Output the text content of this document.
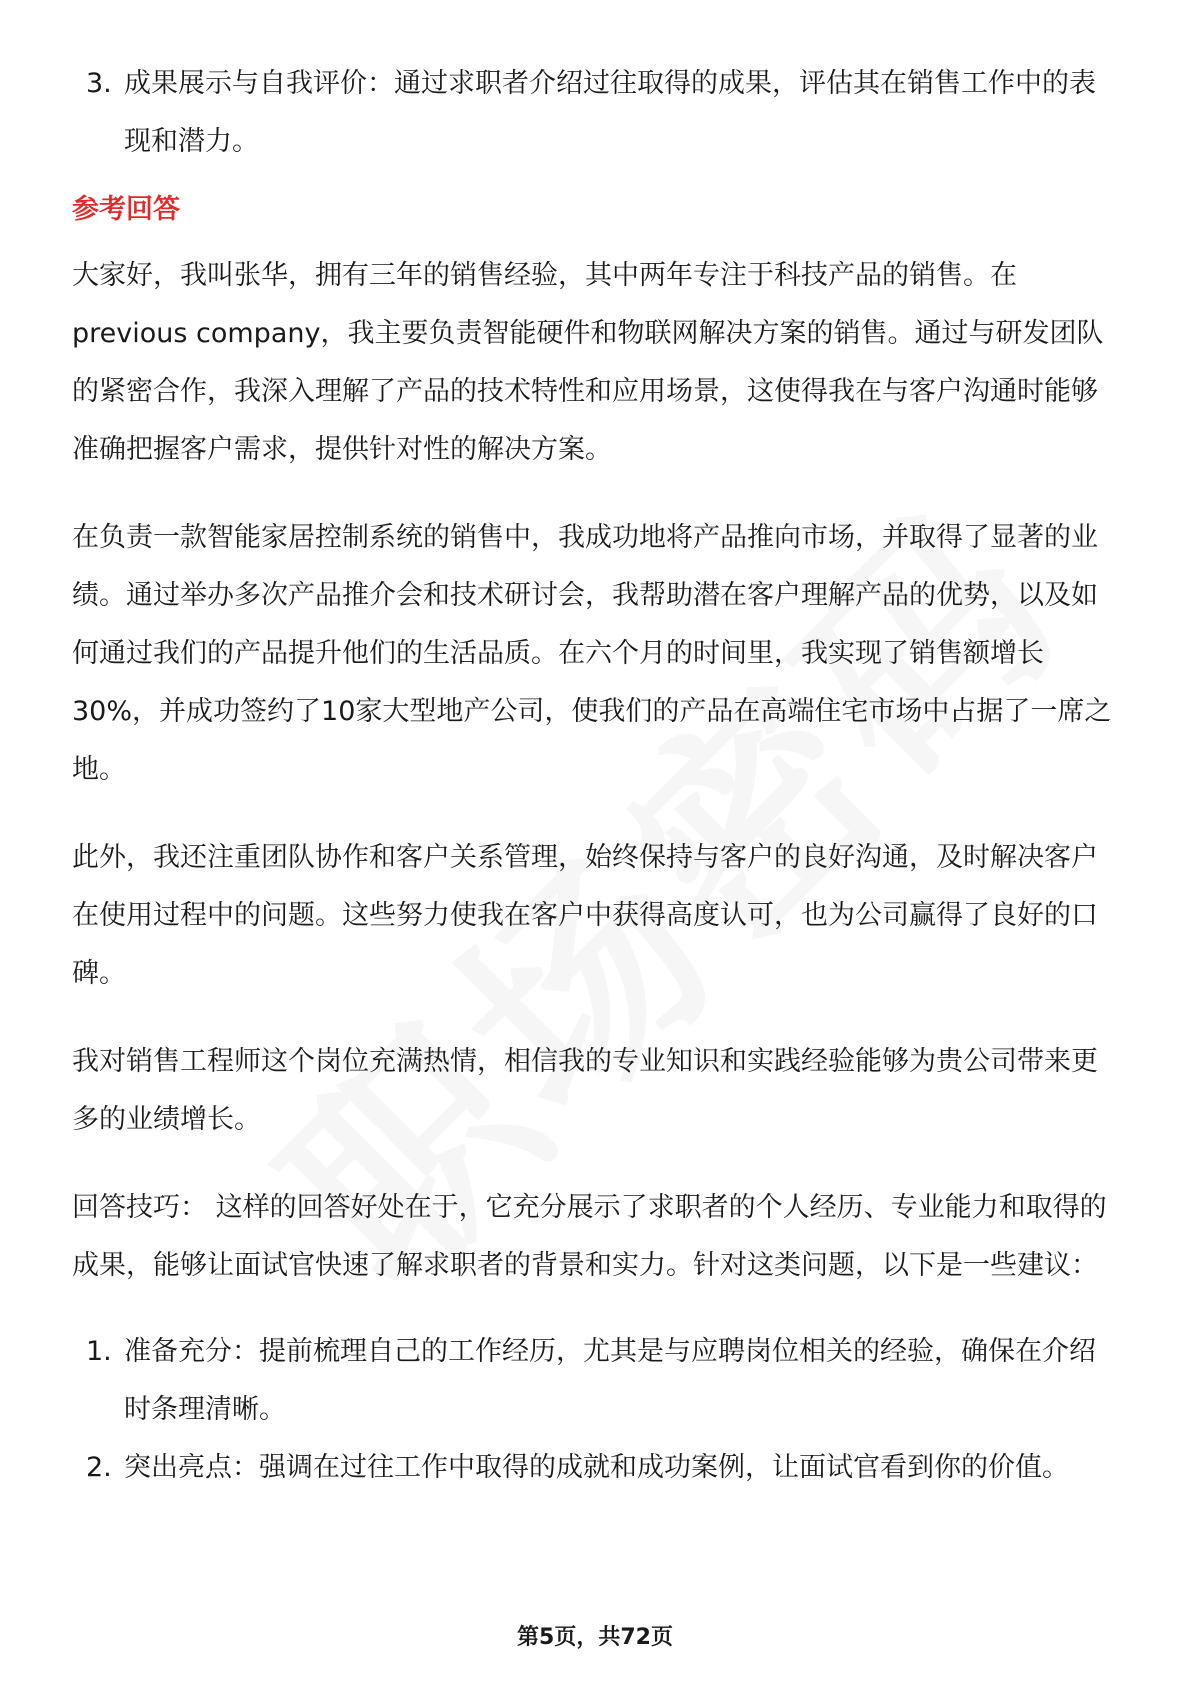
3. 成果展示与自我评价：通过求职者介绍过往取得的成果，评估其在销售工作中的表现和潜力。

参考回答

大家好，我叫张华，拥有三年的销售经验，其中两年专注于科技产品的销售。在previous company，我主要负责智能硬件和物联网解决方案的销售。通过与研发团队的紧密合作，我深入理解了产品的技术特性和应用场景，这使得我在与客户沟通时能够准确把握客户需求，提供针对性的解决方案。

在负责一款智能家居控制系统的销售中，我成功地将产品推向市场，并取得了显著的业绩。通过举办多次产品推介会和技术研讨会，我帮助潜在客户理解产品的优势，以及如何通过我们的产品提升他们的生活品质。在六个月的时间里，我实现了销售额增长30%，并成功签约了10家大型地产公司，使我们的产品在高端住宅市场中占据了一席之地。

此外，我还注重团队协作和客户关系管理，始终保持与客户的良好沟通，及时解决客户在使用过程中的问题。这些努力使我在客户中获得高度认可，也为公司赢得了良好的口碑。

我对销售工程师这个岗位充满热情，相信我的专业知识和实践经验能够为贵公司带来更多的业绩增长。

回答技巧： 这样的回答好处在于，它充分展示了求职者的个人经历、专业能力和取得的成果，能够让面试官快速了解求职者的背景和实力。针对这类问题，以下是一些建议：

1. 准备充分：提前梳理自己的工作经历，尤其是与应聘岗位相关的经验，确保在介绍时条理清晰。

2. 突出亮点：强调在过往工作中取得的成就和成功案例，让面试官看到你的价值。

第5页，共72页
